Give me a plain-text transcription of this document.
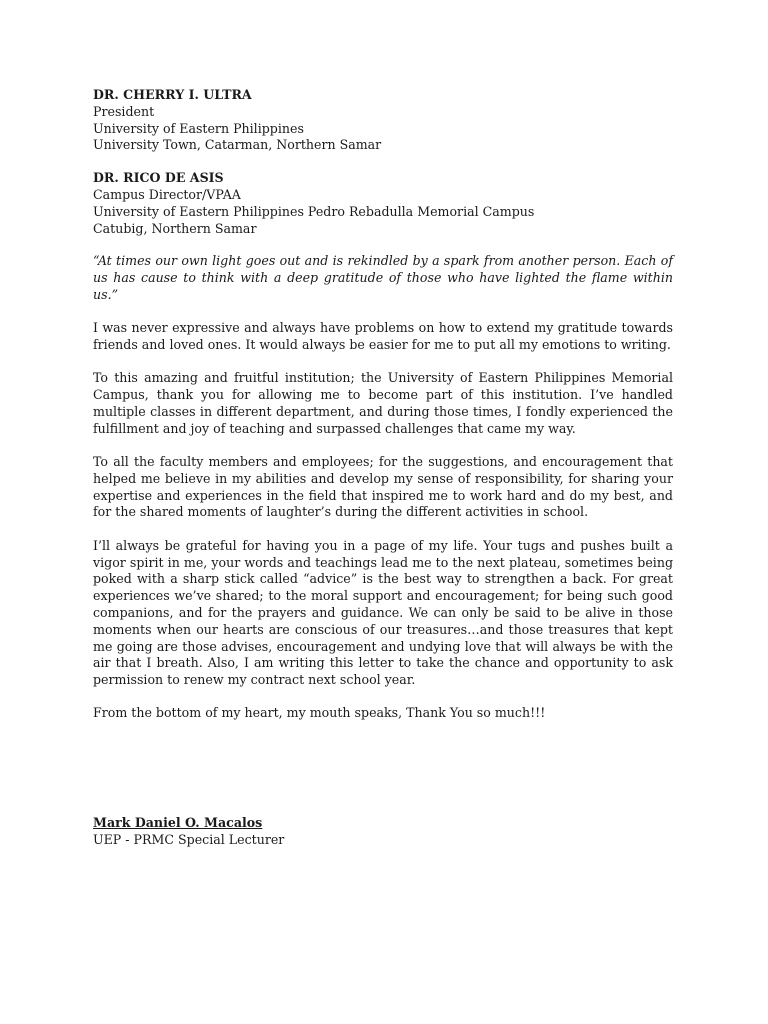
DR. CHERRY I. ULTRA
President
University of Eastern Philippines
University Town, Catarman, Northern Samar
DR. RICO DE ASIS
Campus Director/VPAA
University of Eastern Philippines Pedro Rebadulla Memorial Campus
Catubig, Northern Samar

“At times our own light goes out and is rekindled by a spark from another person. Each of us has cause to think with a deep gratitude of those who have lighted the flame within us.”

I was never expressive and always have problems on how to extend my gratitude towards friends and loved ones. It would always be easier for me to put all my emotions to writing.

To this amazing and fruitful institution; the University of Eastern Philippines Memorial Campus, thank you for allowing me to become part of this institution. I’ve handled multiple classes in different department, and during those times, I fondly experienced the fulfillment and joy of teaching and surpassed challenges that came my way.

To all the faculty members and employees; for the suggestions, and encouragement that helped me believe in my abilities and develop my sense of responsibility, for sharing your expertise and experiences in the field that inspired me to work hard and do my best, and for the shared moments of laughter’s during the different activities in school.

I’ll always be grateful for having you in a page of my life. Your tugs and pushes built a vigor spirit in me, your words and teachings lead me to the next plateau, sometimes being poked with a sharp stick called “advice” is the best way to strengthen a back. For great experiences we’ve shared; to the moral support and encouragement; for being such good companions, and for the prayers and guidance. We can only be said to be alive in those moments when our hearts are conscious of our treasures…and those treasures that kept me going are those advises, encouragement and undying love that will always be with the air that I breath. Also, I am writing this letter to take the chance and opportunity to ask permission to renew my contract next school year.

From the bottom of my heart, my mouth speaks, Thank You so much!!!

Mark Daniel O. Macalos
UEP - PRMC Special Lecturer
